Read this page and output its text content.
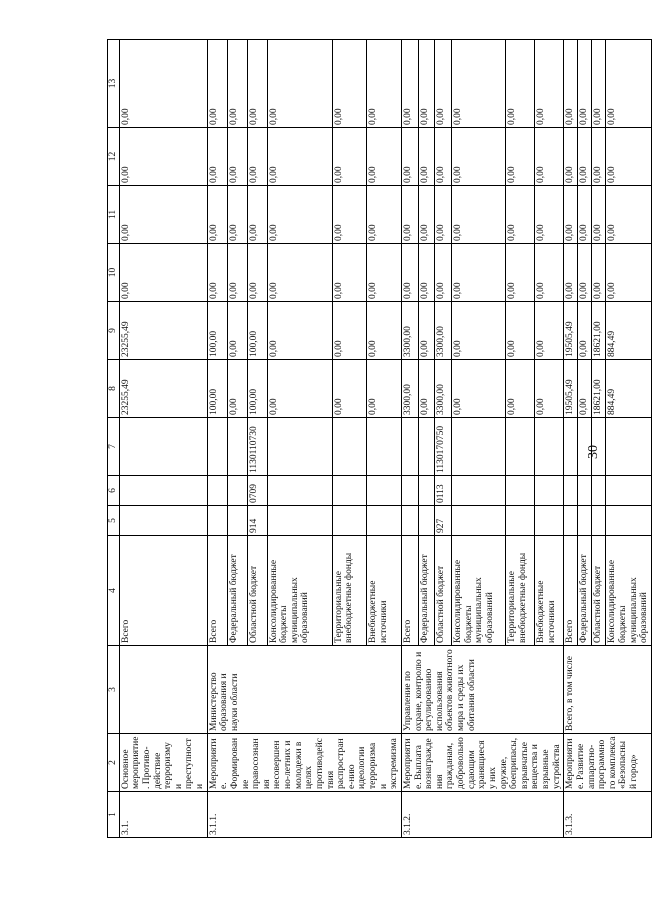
30
1	2	3	4	5	6	7	8	9	10	11	12	13
3.1.	Основное мероприятие. Противо-действие терроризму и преступности		Всего				23255,49	23255,49	0,00	0,00	0,00	0,00
3.1.1.	Мероприятие. Формирование правосознания несовершенно-летних и молодежи в целях противодействия распростране-нию идеологии терроризма и экстремизма	Министерство образования и науки области	Всего				100,00	100,00	0,00	0,00	0,00	0,00
			Федеральный бюджет				0,00	0,00	0,00	0,00	0,00	0,00
			Областной бюджет	914	0709	1130110730	100,00	100,00	0,00	0,00	0,00	0,00
			Консолидированные бюджеты муниципальных образований				0,00	0,00	0,00	0,00	0,00	0,00
			Территориальные внебюджетные фонды				0,00	0,00	0,00	0,00	0,00	0,00
			Внебюджетные источники				0,00	0,00	0,00	0,00	0,00	0,00
3.1.2.	Мероприятие. Выплата вознаграждения гражданам, добровольно сдающим хранящиеся у них оружие, боеприпасы, взрывчатые вещества и взрывные устройства	Управление по охране, контролю и регулированию использования объектов животного мира и среды их обитания области	Всего				3300,00	3300,00	0,00	0,00	0,00	0,00
			Федеральный бюджет				0,00	0,00	0,00	0,00	0,00	0,00
			Областной бюджет	927	0113	1130170750	3300,00	3300,00	0,00	0,00	0,00	0,00
			Консолидированные бюджеты муниципальных образований				0,00	0,00	0,00	0,00	0,00	0,00
			Территориальные внебюджетные фонды				0,00	0,00	0,00	0,00	0,00	0,00
			Внебюджетные источники				0,00	0,00	0,00	0,00	0,00	0,00
3.1.3.	Мероприятие. Развитие аппаратно-программного комплекса «Безопасный город»	Всего, в том числе	Всего				19505,49	19505,49	0,00	0,00	0,00	0,00
			Федеральный бюджет				0,00	0,00	0,00	0,00	0,00	0,00
			Областной бюджет				18621,00	18621,00	0,00	0,00	0,00	0,00
			Консолидированные бюджеты муниципальных образований				884,49	884,49	0,00	0,00	0,00	0,00
